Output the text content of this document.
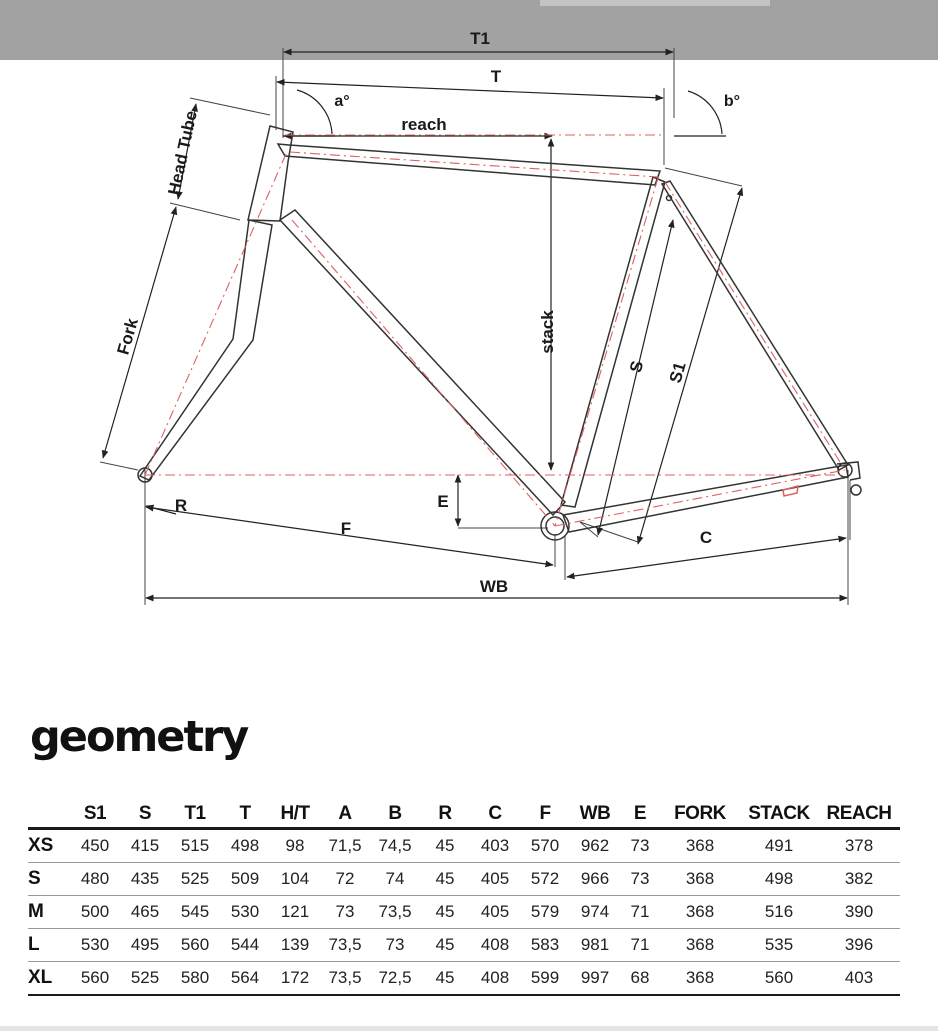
T1
T
a°	b°
reach
Head Tube
Fork	stack
S S1
R	E
F	C
WB
geometry
	S1	S	T1	T	H/T	A	B	R	C	F	WB	E	FORK	STACK	REACH
XS	450	415	515	498	98	71,5	74,5	45	403	570	962	73	368	491	378
S	480	435	525	509	104	72	74	45	405	572	966	73	368	498	382
M	500	465	545	530	121	73	73,5	45	405	579	974	71	368	516	390
L	530	495	560	544	139	73,5	73	45	408	583	981	71	368	535	396
XL	560	525	580	564	172	73,5	72,5	45	408	599	997	68	368	560	403
